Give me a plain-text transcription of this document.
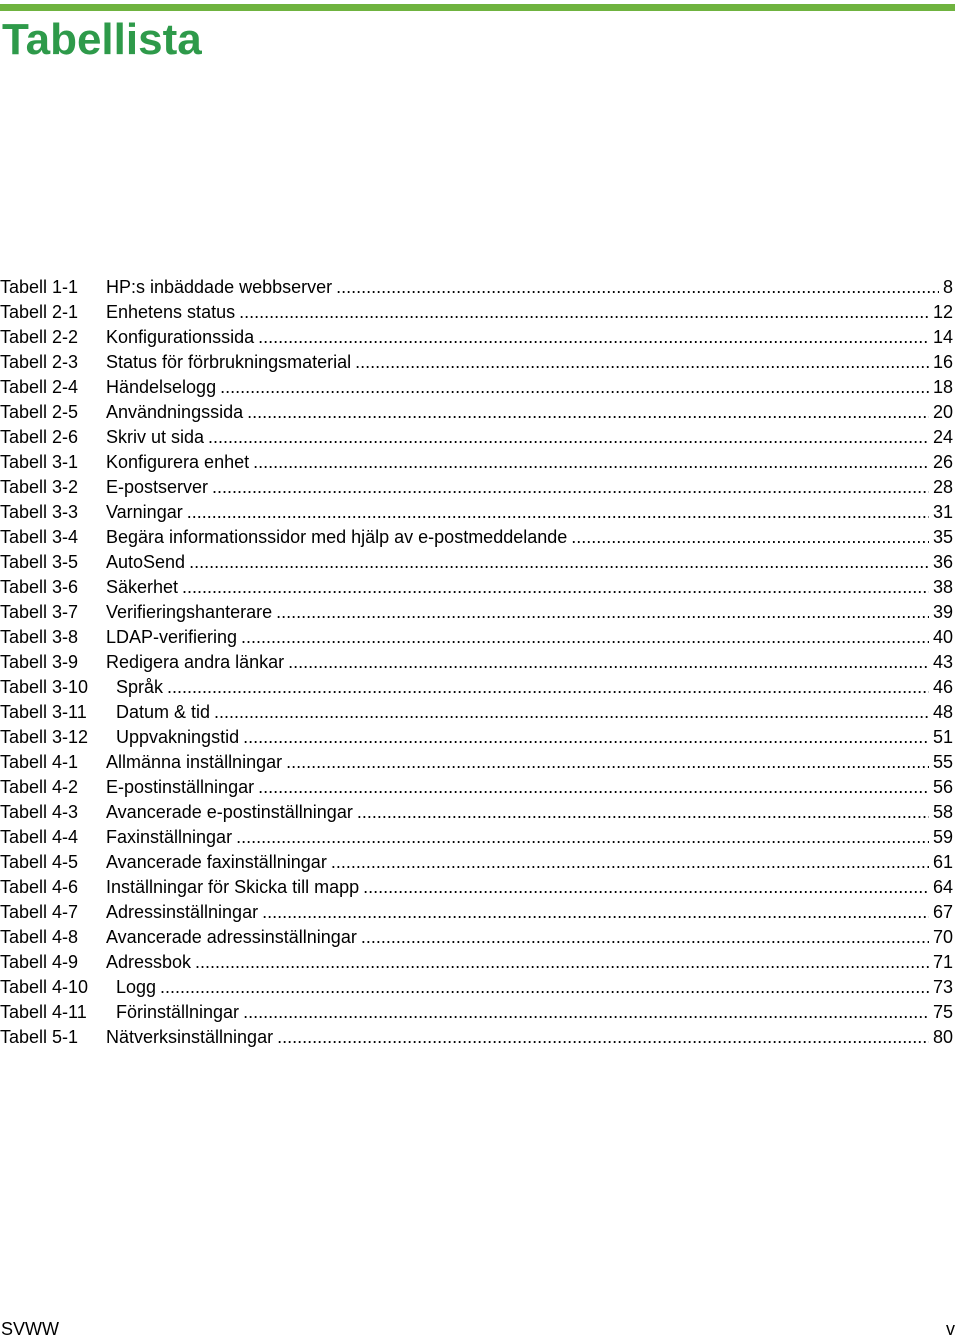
Tabellista
Tabell 1-1	HP:s inbäddade webbserver .....	8
Tabell 2-1	Enhetens status .....	12
Tabell 2-2	Konfigurationssida .....	14
Tabell 2-3	Status för förbrukningsmaterial .....	16
Tabell 2-4	Händelselogg .....	18
Tabell 2-5	Användningssida .....	20
Tabell 2-6	Skriv ut sida .....	24
Tabell 3-1	Konfigurera enhet .....	26
Tabell 3-2	E-postserver .....	28
Tabell 3-3	Varningar .....	31
Tabell 3-4	Begära informationssidor med hjälp av e-postmeddelande .....	35
Tabell 3-5	AutoSend .....	36
Tabell 3-6	Säkerhet .....	38
Tabell 3-7	Verifieringshanterare .....	39
Tabell 3-8	LDAP-verifiering .....	40
Tabell 3-9	Redigera andra länkar .....	43
Tabell 3-10	Språk .....	46
Tabell 3-11	Datum & tid .....	48
Tabell 3-12	Uppvakningstid .....	51
Tabell 4-1	Allmänna inställningar .....	55
Tabell 4-2	E-postinställningar .....	56
Tabell 4-3	Avancerade e-postinställningar .....	58
Tabell 4-4	Faxinställningar .....	59
Tabell 4-5	Avancerade faxinställningar .....	61
Tabell 4-6	Inställningar för Skicka till mapp .....	64
Tabell 4-7	Adressinställningar .....	67
Tabell 4-8	Avancerade adressinställningar .....	70
Tabell 4-9	Adressbok .....	71
Tabell 4-10	Logg .....	73
Tabell 4-11	Förinställningar .....	75
Tabell 5-1	Nätverksinställningar .....	80
SVWW	v
